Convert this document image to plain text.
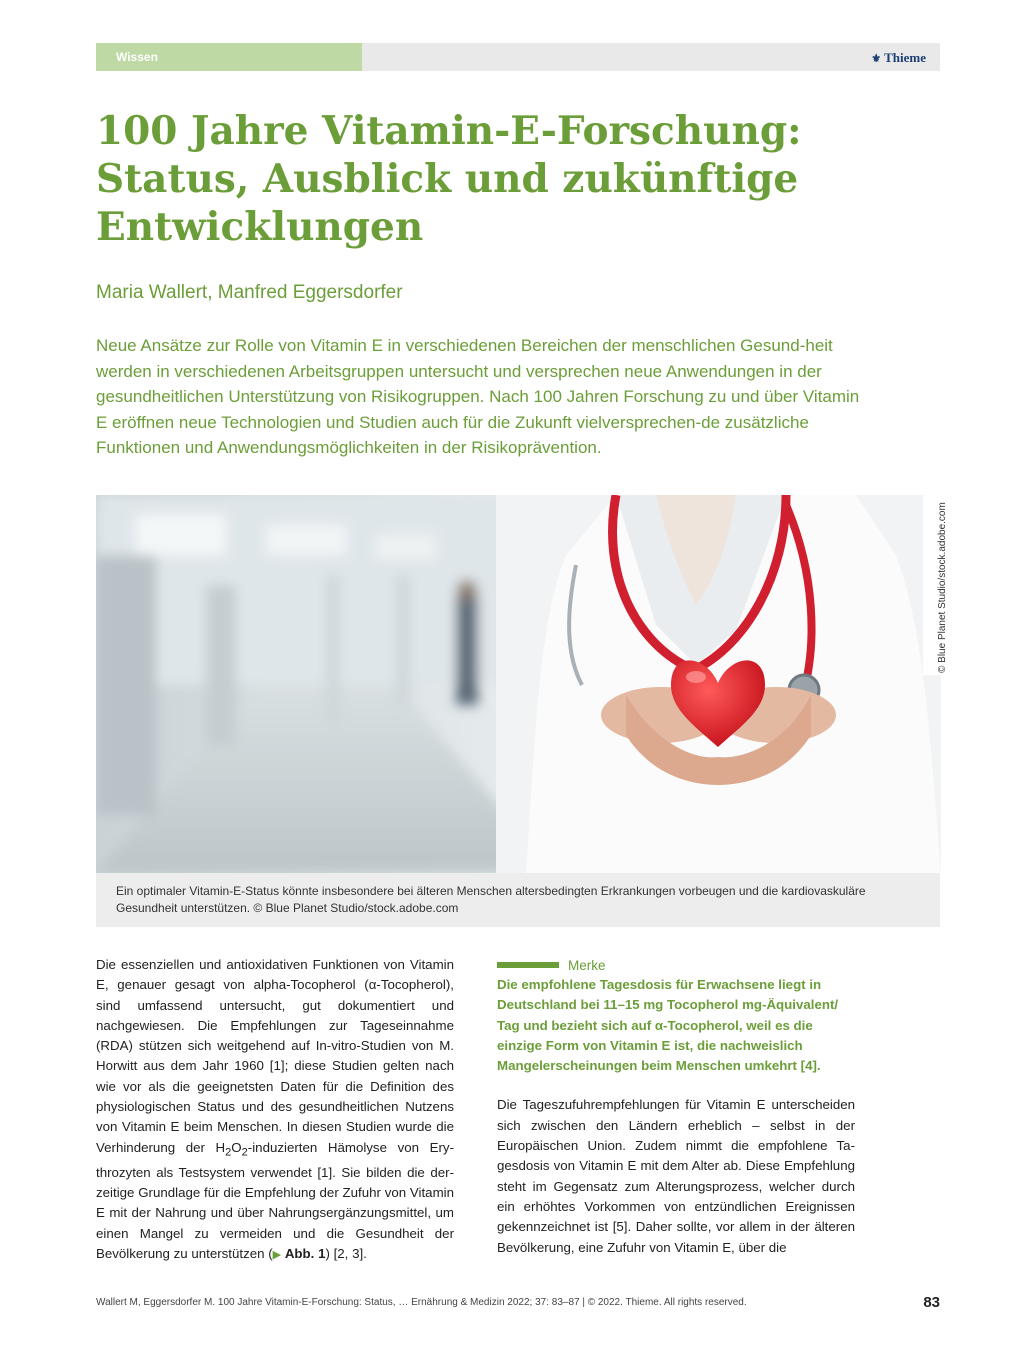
Wissen	⚜ Thieme
100 Jahre Vitamin-E-Forschung:
Status, Ausblick und zukünftige
Entwicklungen

Maria Wallert, Manfred Eggersdorfer

Neue Ansätze zur Rolle von Vitamin E in verschiedenen Bereichen der menschlichen Gesund-heit werden in verschiedenen Arbeitsgruppen untersucht und versprechen neue Anwendungen in der gesundheitlichen Unterstützung von Risikogruppen. Nach 100 Jahren Forschung zu und über Vitamin E eröffnen neue Technologien und Studien auch für die Zukunft vielversprechen-de zusätzliche Funktionen und Anwendungsmöglichkeiten in der Risikoprävention.

© Blue Planet Studio/stock.adobe.com
Ein optimaler Vitamin-E-Status könnte insbesondere bei älteren Menschen altersbedingten Erkrankungen vorbeugen und die kardiovaskuläre Gesundheit unterstützen. © Blue Planet Studio/stock.adobe.com

Die essenziellen und antioxidativen Funktionen von Vitamin E, genauer gesagt von alpha-Tocopherol (α-Tocopherol), sind umfassend untersucht, gut dokumentiert und nachgewiesen. Die Empfehlungen zur Tageseinnahme (RDA) stützen sich weitgehend auf In-vitro-Studien von M. Horwitt aus dem Jahr 1960 [1]; diese Studien gelten nach wie vor als die geeignetsten Daten für die Definition des physiologischen Status und des gesundheitlichen Nutzens von Vitamin E beim Menschen. In diesen Studien wurde die Verhinderung der $H_2O_2$-induzierten Hämolyse von Erythrozyten als Testsystem verwendet [1]. Sie bilden die derzeitige Grundlage für die Empfehlung der Zufuhr von Vitamin E mit der Nahrung und über Nahrungsergänzungsmittel, um einen Mangel zu vermeiden und die Gesundheit der Bevölkerung zu unterstützen (▶ Abb. 1) [2, 3].

Merke

Die empfohlene Tagesdosis für Erwachsene liegt in Deutschland bei 11–15 mg Tocopherol mg-Äquivalent/ Tag und bezieht sich auf α-Tocopherol, weil es die einzige Form von Vitamin E ist, die nachweislich Mangelerscheinungen beim Menschen umkehrt [4].

Die Tageszufuhrempfehlungen für Vitamin E unterscheiden sich zwischen den Ländern erheblich – selbst in der Europäischen Union. Zudem nimmt die empfohlene Tagesdosis von Vitamin E mit dem Alter ab. Diese Empfehlung steht im Gegensatz zum Alterungsprozess, welcher durch ein erhöhtes Vorkommen von entzündlichen Ereignissen gekennzeichnet ist [5]. Daher sollte, vor allem in der älteren Bevölkerung, eine Zufuhr von Vitamin E, über die

Wallert M, Eggersdorfer M. 100 Jahre Vitamin-E-Forschung: Status, … Ernährung & Medizin 2022; 37: 83–87 | © 2022. Thieme. All rights reserved.	83
